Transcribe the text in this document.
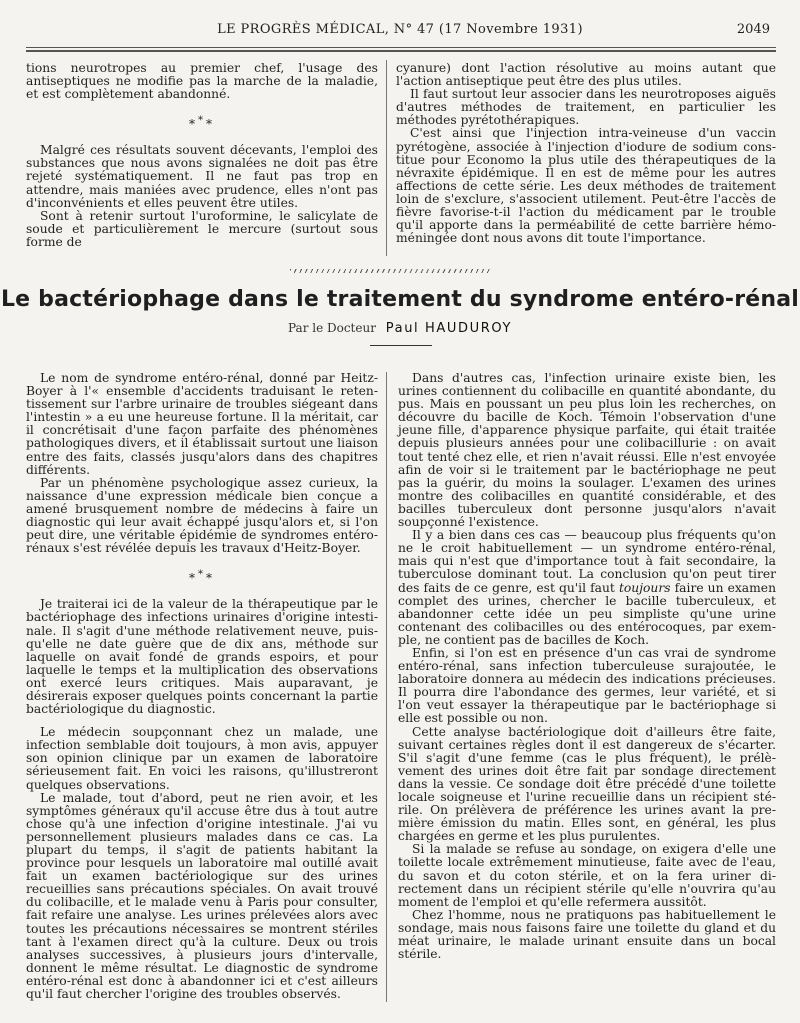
LE PROGRÈS MÉDICAL, N° 47 (17 Novembre 1931)	2049

tions neurotropes au premier chef, l'usage des antiseptiques ne modifie pas la marche de la maladie, et est complètement abandonné.

***

Malgré ces résultats souvent décevants, l'emploi des substances que nous avons signalées ne doit pas être rejeté systématiquement. Il ne faut pas trop en attendre, mais maniées avec prudence, elles n'ont pas d'inconvénients et elles peuvent être utiles.

Sont à retenir surtout l'uroformine, le salicylate de soude et particulièrement le mercure (surtout sous forme de

cyanure) dont l'action résolutive au moins autant que l'action antiseptique peut être des plus utiles.

Il faut surtout leur associer dans les neurotroposes aiguës d'autres méthodes de traitement, en particulier les méthodes pyrétothérapiques.

C'est ainsi que l'injection intra-veineuse d'un vaccin pyrétogène, associée à l'injection d'iodure de sodium constitue pour Economo la plus utile des thérapeutiques de la névraxite épidémique. Il en est de même pour les autres affections de cette série. Les deux méthodes de traitement loin de s'exclure, s'associent utilement. Peut-être l'accès de fièvre favorise-t-il l'action du médicament par le trouble qu'il apporte dans la perméabilité de cette barrière hémoméningée dont nous avons dit toute l'importance.

Le bactériophage dans le traitement du syndrome entéro-rénal
Par le Docteur Paul HAUDUROY

Le nom de syndrome entéro-rénal, donné par Heitz-Boyer à l'« ensemble d'accidents traduisant le retentissement sur l'arbre urinaire de troubles siégeant dans l'intestin » a eu une heureuse fortune. Il la méritait, car il concrétisait d'une façon parfaite des phénomènes pathologiques divers, et il établissait surtout une liaison entre des faits, classés jusqu'alors dans des chapitres différents.

Par un phénomène psychologique assez curieux, la naissance d'une expression médicale bien conçue a amené brusquement nombre de médecins à faire un diagnostic qui leur avait échappé jusqu'alors et, si l'on peut dire, une véritable épidémie de syndromes entéro-rénaux s'est révélée depuis les travaux d'Heitz-Boyer.

***

Je traiterai ici de la valeur de la thérapeutique par le bactériophage des infections urinaires d'origine intestinale. Il s'agit d'une méthode relativement neuve, puisqu'elle ne date guère que de dix ans, méthode sur laquelle on avait fondé de grands espoirs, et pour laquelle le temps et la multiplication des observations ont exercé leurs critiques. Mais auparavant, je désirerais exposer quelques points concernant la partie bactériologique du diagnostic.

Le médecin soupçonnant chez un malade, une infection semblable doit toujours, à mon avis, appuyer son opinion clinique par un examen de laboratoire sérieusement fait. En voici les raisons, qu'illustreront quelques observations.

Le malade, tout d'abord, peut ne rien avoir, et les symptômes généraux qu'il accuse être dus à tout autre chose qu'à une infection d'origine intestinale. J'ai vu personnellement plusieurs malades dans ce cas. La plupart du temps, il s'agit de patients habitant la province pour lesquels un laboratoire mal outillé avait fait un examen bactériologique sur des urines recueillies sans précautions spéciales. On avait trouvé du colibacille, et le malade venu à Paris pour consulter, fait refaire une analyse. Les urines prélevées alors avec toutes les précautions nécessaires se montrent stériles tant à l'examen direct qu'à la culture. Deux ou trois analyses successives, à plusieurs jours d'intervalle, donnent le même résultat. Le diagnostic de syndrome entéro-rénal est donc à abandonner ici et c'est ailleurs qu'il faut chercher l'origine des troubles observés.

Dans d'autres cas, l'infection urinaire existe bien, les urines contiennent du colibacille en quantité abondante, du pus. Mais en poussant un peu plus loin les recherches, on découvre du bacille de Koch. Témoin l'observation d'une jeune fille, d'apparence physique parfaite, qui était traitée depuis plusieurs années pour une colibacillurie : on avait tout tenté chez elle, et rien n'avait réussi. Elle n'est envoyée afin de voir si le traitement par le bactériophage ne peut pas la guérir, du moins la soulager. L'examen des urines montre des colibacilles en quantité considérable, et des bacilles tuberculeux dont personne jusqu'alors n'avait soupçonné l'existence.

Il y a bien dans ces cas — beaucoup plus fréquents qu'on ne le croit habituellement — un syndrome entéro-rénal, mais qui n'est que d'importance tout à fait secondaire, la tuberculose dominant tout. La conclusion qu'on peut tirer des faits de ce genre, est qu'il faut toujours faire un examen complet des urines, chercher le bacille tuberculeux, et abandonner cette idée un peu simpliste qu'une urine contenant des colibacilles ou des entérocoques, par exemple, ne contient pas de bacilles de Koch.

Enfin, si l'on est en présence d'un cas vrai de syndrome entéro-rénal, sans infection tuberculeuse surajoutée, le laboratoire donnera au médecin des indications précieuses. Il pourra dire l'abondance des germes, leur variété, et si l'on veut essayer la thérapeutique par le bactériophage si elle est possible ou non.

Cette analyse bactériologique doit d'ailleurs être faite, suivant certaines règles dont il est dangereux de s'écarter. S'il s'agit d'une femme (cas le plus fréquent), le prélèvement des urines doit être fait par sondage directement dans la vessie. Ce sondage doit être précédé d'une toilette locale soigneuse et l'urine recueillie dans un récipient stérile. On prélèvera de préférence les urines avant la première émission du matin. Elles sont, en général, les plus chargées en germe et les plus purulentes.

Si la malade se refuse au sondage, on exigera d'elle une toilette locale extrêmement minutieuse, faite avec de l'eau, du savon et du coton stérile, et on la fera uriner directement dans un récipient stérile qu'elle n'ouvrira qu'au moment de l'emploi et qu'elle refermera aussitôt.

Chez l'homme, nous ne pratiquons pas habituellement le sondage, mais nous faisons faire une toilette du gland et du méat urinaire, le malade urinant ensuite dans un bocal stérile.
